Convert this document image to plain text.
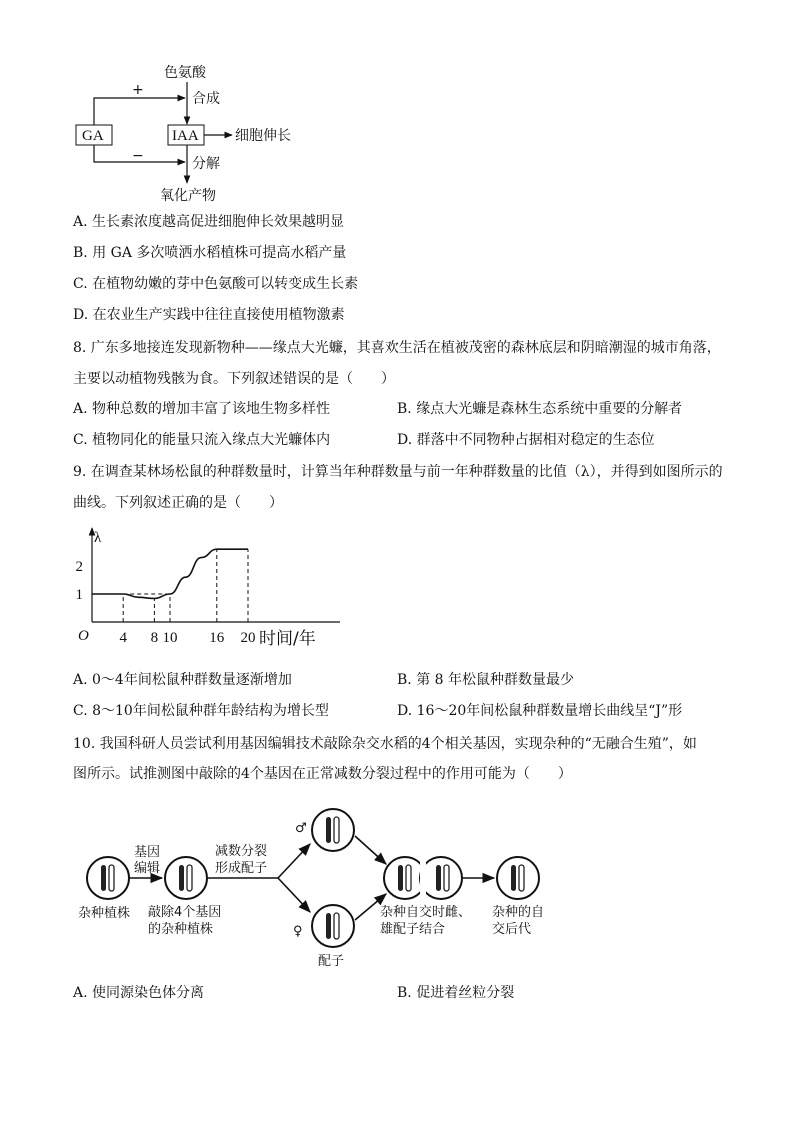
色氨酸
合成
GA	IAA
+
−
细胞伸长
分解
氧化产物
A. 生长素浓度越高促进细胞伸长效果越明显
B. 用 GA 多次喷洒水稻植株可提高水稻产量
C. 在植物幼嫩的芽中色氨酸可以转变成生长素
D. 在农业生产实践中往往直接使用植物激素
8. 广东多地接连发现新物种——缘点大光蠊，其喜欢生活在植被茂密的森林底层和阴暗潮湿的城市角落，
主要以动植物残骸为食。下列叙述错误的是（　　）
A. 物种总数的增加丰富了该地生物多样性	B. 缘点大光蠊是森林生态系统中重要的分解者
C. 植物同化的能量只流入缘点大光蠊体内	D. 群落中不同物种占据相对稳定的生态位
9. 在调查某林场松鼠的种群数量时，计算当年种群数量与前一年种群数量的比值（λ），并得到如图所示的
曲线。下列叙述正确的是（　　）
λ
O	时间/年
4 8 10 16 20
1
2
A. 0～4年间松鼠种群数量逐渐增加	B. 第 8 年松鼠种群数量最少
C. 8～10年间松鼠种群年龄结构为增长型	D. 16～20年间松鼠种群数量增长曲线呈“J”形
10. 我国科研人员尝试利用基因编辑技术敲除杂交水稻的4个相关基因，实现杂种的“无融合生殖”，如
图所示。试推测图中敲除的4个基因在正常减数分裂过程中的作用可能为（　　）
基因
编辑
杂种植株 敲除4个基因
的杂种植株
减数分裂
形成配子
♂
♀
配子
杂种自交时雌、
雄配子结合
杂种的自
交后代
A. 使同源染色体分离	B. 促进着丝粒分裂
